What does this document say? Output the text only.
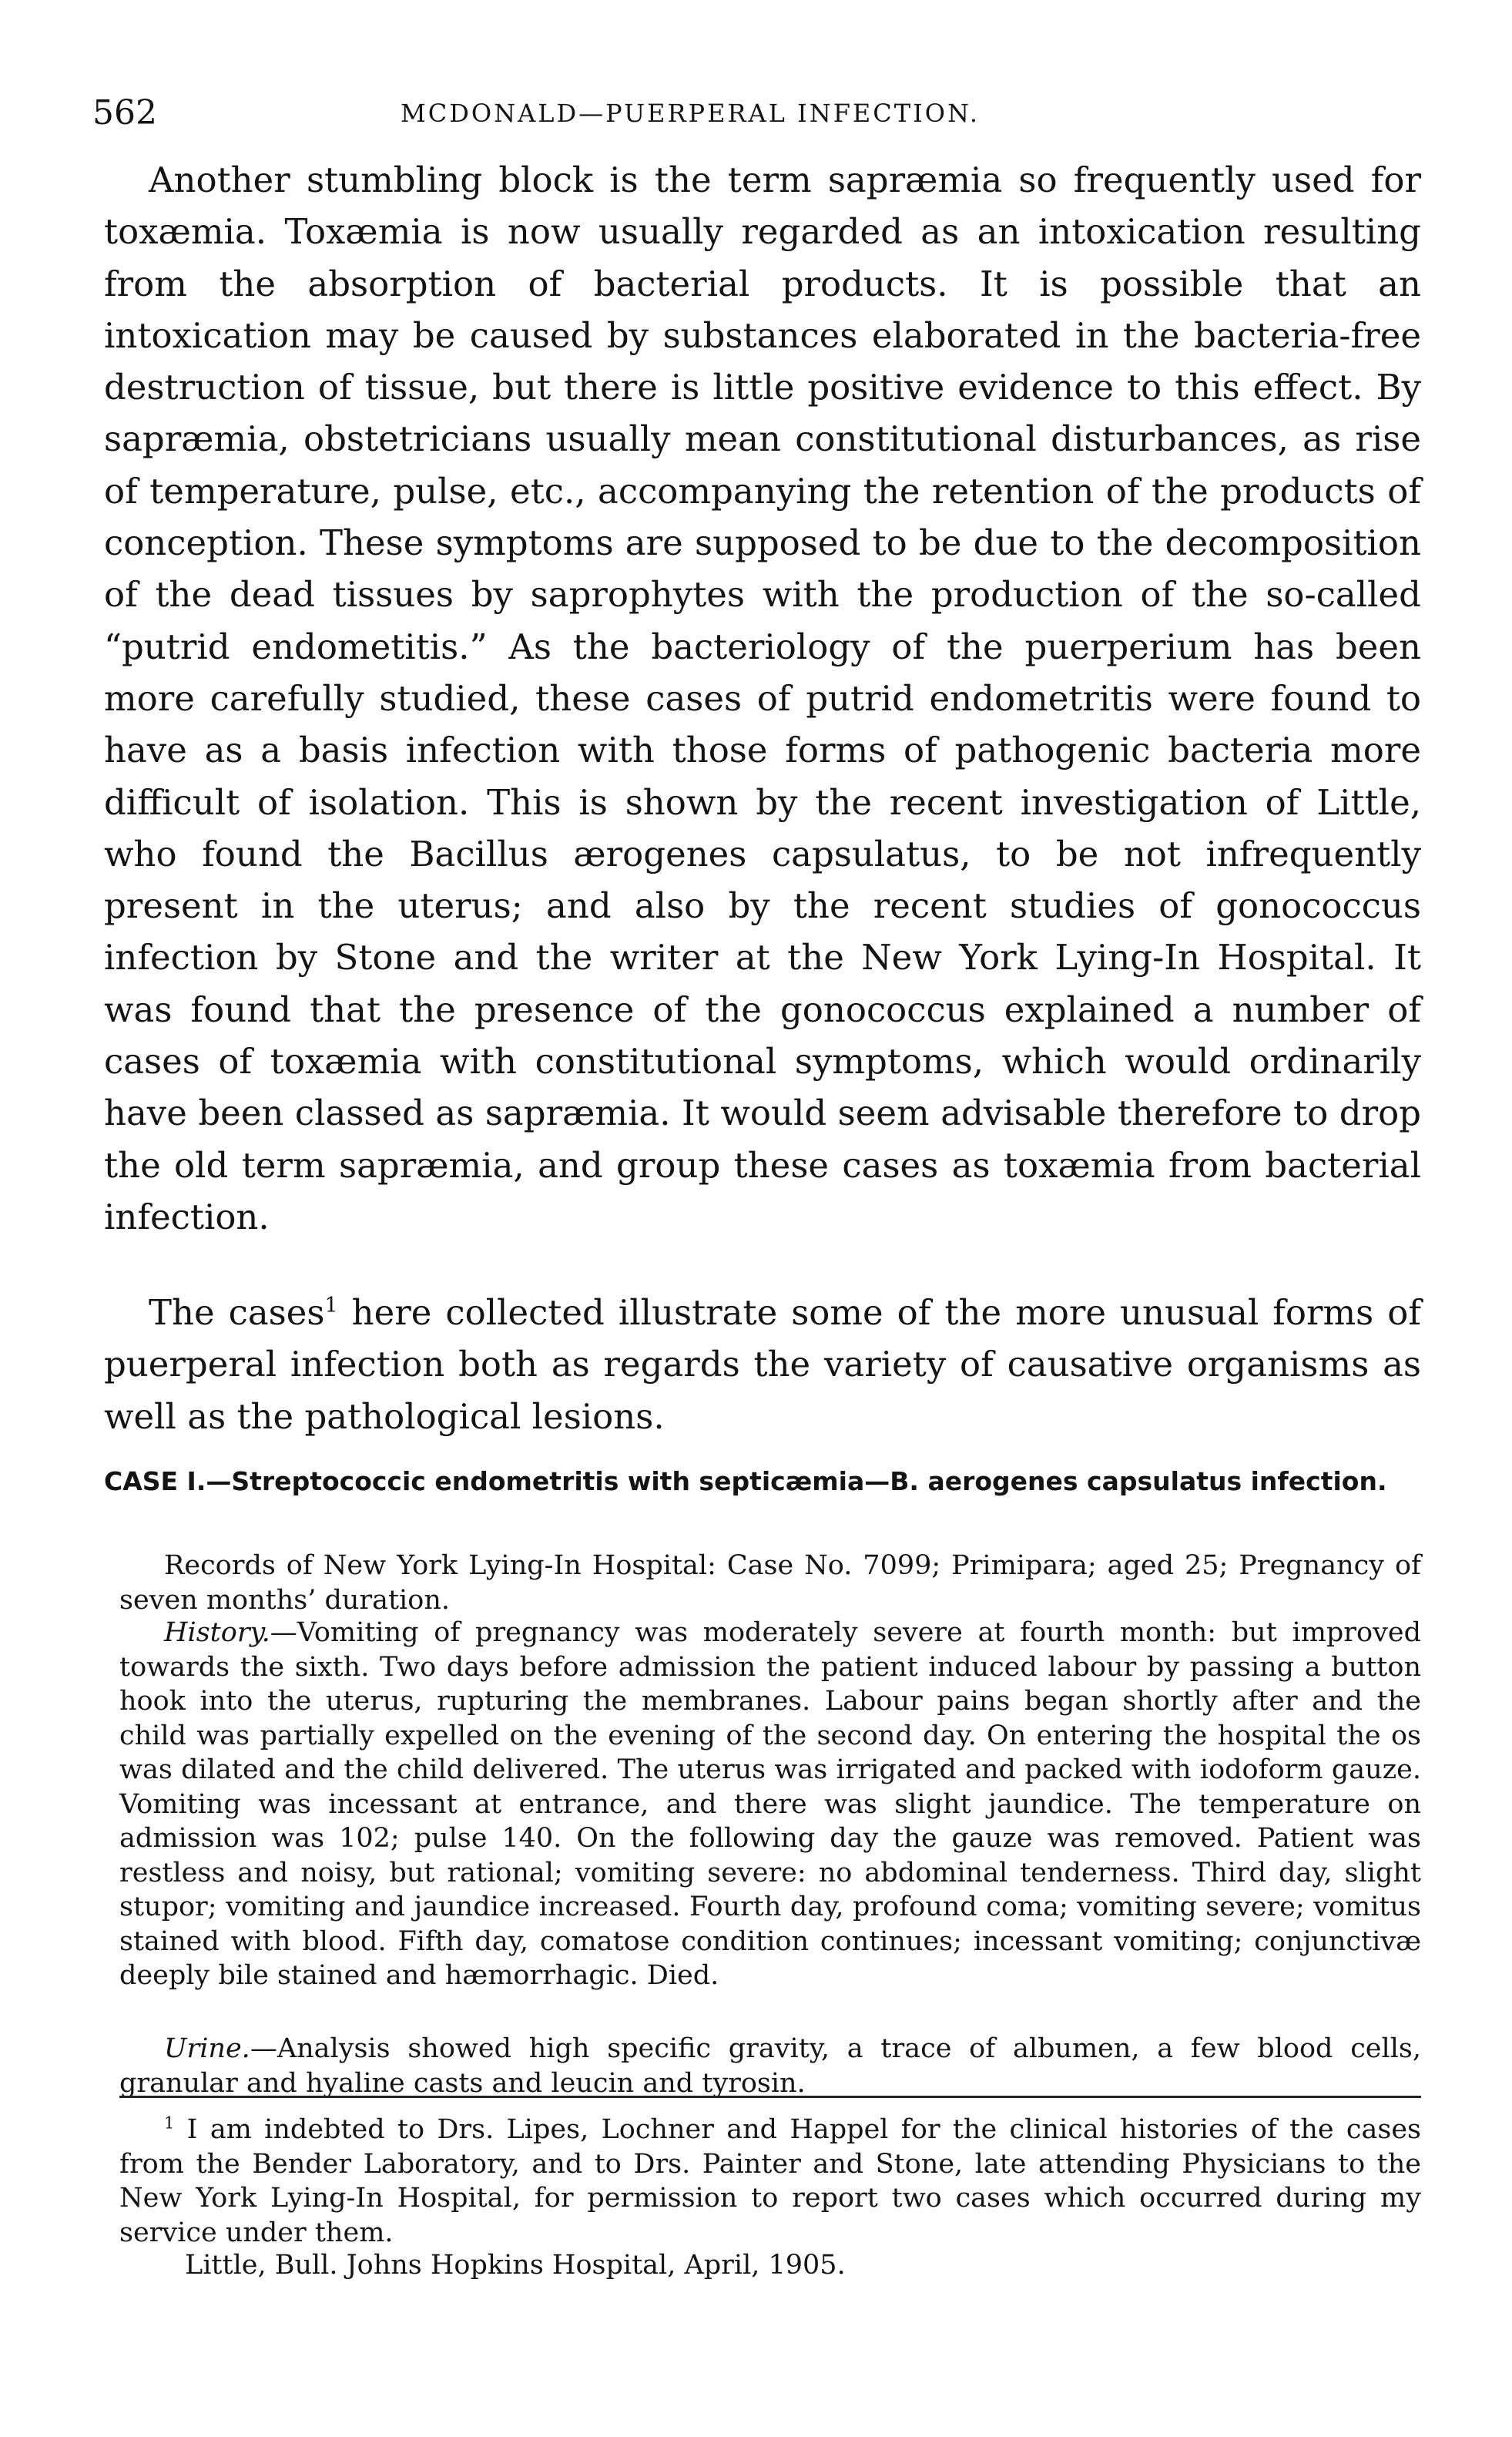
562	MCDONALD—PUERPERAL INFECTION.

Another stumbling block is the term sapræmia so frequently used for toxæmia. Toxæmia is now usually regarded as an intoxication resulting from the absorption of bacterial products. It is possible that an intoxication may be caused by substances elaborated in the bacteria-free destruction of tissue, but there is little positive evidence to this effect. By sapræmia, obstetricians usually mean constitutional disturbances, as rise of temperature, pulse, etc., accompanying the retention of the products of conception. These symptoms are supposed to be due to the decomposition of the dead tissues by saprophytes with the production of the so-called “putrid endometitis.” As the bacteriology of the puerperium has been more carefully studied, these cases of putrid endometritis were found to have as a basis infection with those forms of pathogenic bacteria more difficult of isolation. This is shown by the recent investigation of Little, who found the Bacillus ærogenes capsulatus, to be not infrequently present in the uterus; and also by the recent studies of gonococcus infection by Stone and the writer at the New York Lying-In Hospital. It was found that the presence of the gonococcus explained a number of cases of toxæmia with constitutional symptoms, which would ordinarily have been classed as sapræmia. It would seem advisable therefore to drop the old term sapræmia, and group these cases as toxæmia from bacterial infection.

The cases$^1$ here collected illustrate some of the more unusual forms of puerperal infection both as regards the variety of causative organisms as well as the pathological lesions.

CASE I.—Streptococcic endometritis with septicæmia—B. aerogenes capsulatus infection.

Records of New York Lying-In Hospital: Case No. 7099; Primipara; aged 25; Pregnancy of seven months’ duration.

History.—Vomiting of pregnancy was moderately severe at fourth month: but improved towards the sixth. Two days before admission the patient induced labour by passing a button hook into the uterus, rupturing the membranes. Labour pains began shortly after and the child was partially expelled on the evening of the second day. On entering the hospital the os was dilated and the child delivered. The uterus was irrigated and packed with iodoform gauze. Vomiting was incessant at entrance, and there was slight jaundice. The temperature on admission was 102; pulse 140. On the following day the gauze was removed. Patient was restless and noisy, but rational; vomiting severe: no abdominal tenderness. Third day, slight stupor; vomiting and jaundice increased. Fourth day, profound coma; vomiting severe; vomitus stained with blood. Fifth day, comatose condition continues; incessant vomiting; conjunctivæ deeply bile stained and hæmorrhagic. Died.

Urine.—Analysis showed high specific gravity, a trace of albumen, a few blood cells, granular and hyaline casts and leucin and tyrosin.

$^1$ I am indebted to Drs. Lipes, Lochner and Happel for the clinical histories of the cases from the Bender Laboratory, and to Drs. Painter and Stone, late attending Physicians to the New York Lying-In Hospital, for permission to report two cases which occurred during my service under them.

Little, Bull. Johns Hopkins Hospital, April, 1905.
